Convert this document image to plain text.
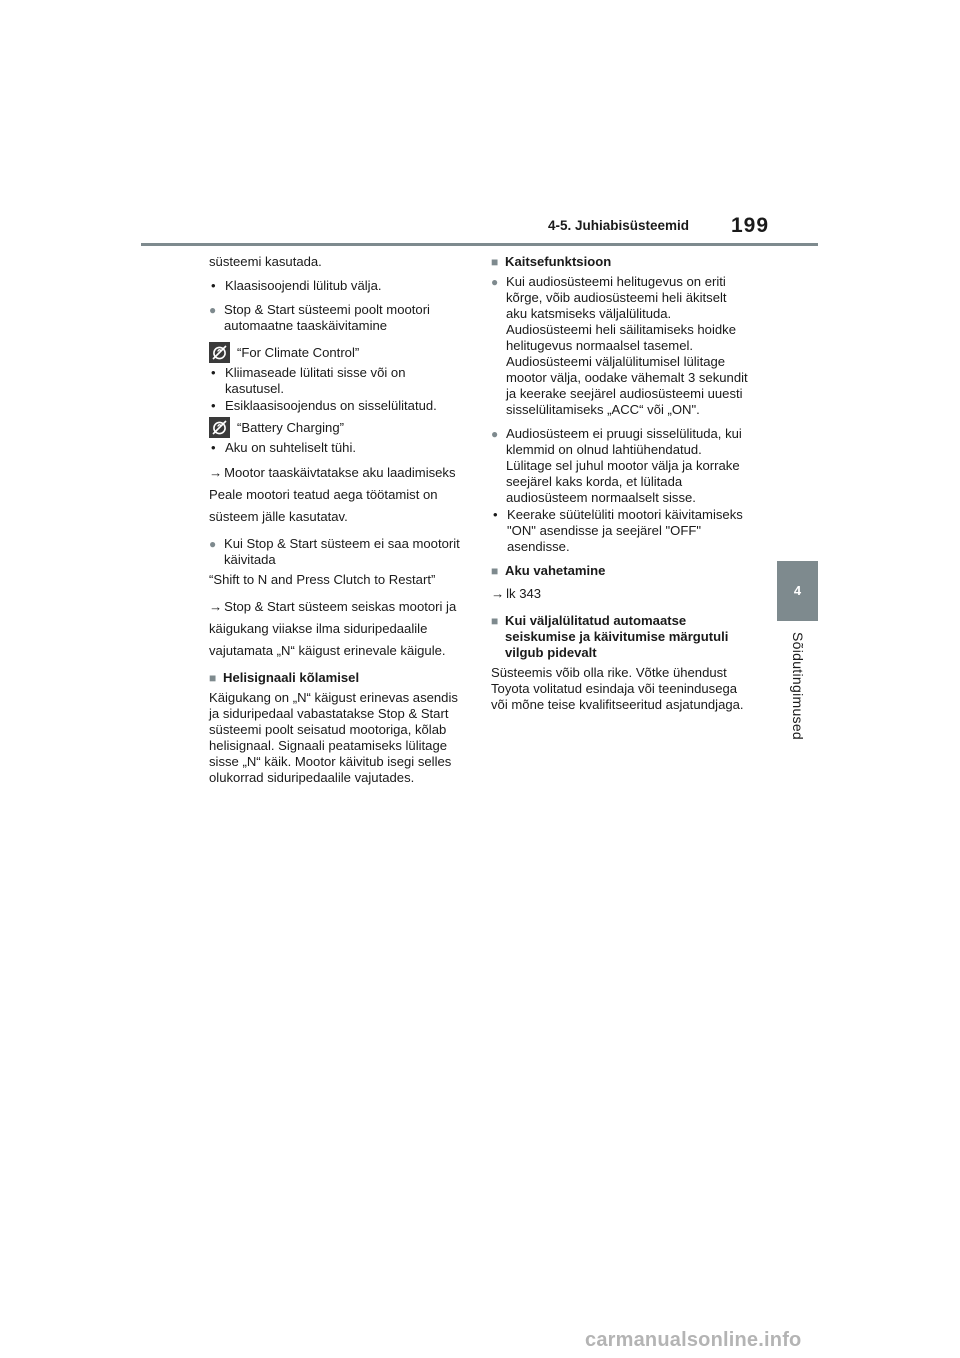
4-5. Juhiabisüsteemid 199
4
Sõidutingimused

süsteemi kasutada.

• Klaasisoojendi lülitub välja.
● Stop & Start süsteemi poolt mootori automaatne taaskäivitamine
“For Climate Control”
• Kliimaseade lülitati sisse või on kasutusel.
• Esiklaasisoojendus on sisselülitatud.
“Battery Charging”
• Aku on suhteliselt tühi.

→ Mootor taaskäivtatakse aku laadimiseks Peale mootori teatud aega töötamist on süsteem jälle kasutatav.

● Kui Stop & Start süsteem ei saa mootorit käivitada

“Shift to N and Press Clutch to Restart”

→ Stop & Start süsteem seiskas mootori ja käigukang viiakse ilma siduripedaalile vajutamata „N“ käigust erinevale käigule.

■ Helisignaali kõlamisel

Käigukang on „N“ käigust erinevas asendis ja siduripedaal vabastatakse Stop & Start süsteemi poolt seisatud mootoriga, kõlab helisignaal. Signaali peatamiseks lülitage sisse „N“ käik. Mootor käivitub isegi selles olukorrad siduripedaalile vajutades.

■ Kaitsefunktsioon
● Kui audiosüsteemi helitugevus on eriti kõrge, võib audiosüsteemi heli äkitselt aku katsmiseks väljalülituda. Audiosüsteemi heli säilitamiseks hoidke helitugevus normaalsel tasemel. Audiosüsteemi väljalülitumisel lülitage mootor välja, oodake vähemalt 3 sekundit ja keerake seejärel audiosüsteemi uuesti sisselülitamiseks „ACC“ või „ON".
● Audiosüsteem ei pruugi sisselülituda, kui klemmid on olnud lahtiühendatud. Lülitage sel juhul mootor välja ja korrake seejärel kaks korda, et lülitada audiosüsteem normaalselt sisse.
• Keerake süütelüliti mootori käivitamiseks "ON" asendisse ja seejärel "OFF" asendisse.
■ Aku vahetamine

→ lk 343

■ Kui väljalülitatud automaatse seiskumise ja käivitumise märgutuli vilgub pidevalt

Süsteemis võib olla rike. Võtke ühendust Toyota volitatud esindaja või teenindusega või mõne teise kvalifitseeritud asjatundjaga.

carmanualsonline.info
